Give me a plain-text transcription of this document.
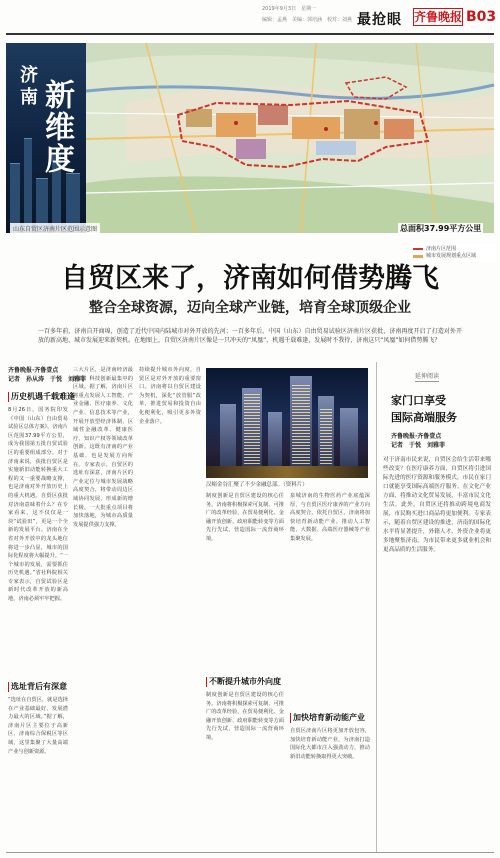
2019年9月3日　星期一
编辑：孟燕　美编：郭培涵　校对：刘燕 最抢眼 齐鲁晚报 B03
济南 新维度
济南片区范围
城市发展规划重点区域
山东自贸区济南片区范围示意图	总面积37.99平方公里
自贸区来了，济南如何借势腾飞
整合全球资源，迈向全球产业链，培育全球顶级企业
一百多年前，济南自开商埠，创造了近代中国内陆城市对外开放的先河；一百多年后，中国（山东）自由贸易试验区济南片区获批，济南再度开启了打造对外开放的新高地、城市发展迎来新契机。在地图上，自贸区济南片区像是一只冲天的“凤凰”，机遇千载难逢，发展时不我待，济南这只“凤凰”如何借势腾飞？
齐鲁晚报·齐鲁壹点
记者　孙从涛　于悦　刘雅菲
历史机遇千载难逢
8月26日，国务院印发《中国（山东）自由贸易试验区总体方案》，济南片区范围37.99平方公里，成为我国第五批自贸试验区的重要组成部分。对于济南来说，获批自贸区是实施新旧动能转换重大工程的又一重要战略支撑，也是济南对外开放历史上的重大机遇。自贸区获批对济南意味着什么？在专家看来，这不仅仅是一块“试验田”，更是一个全新的发展平台。济南在全省对外开放中的龙头地位将进一步凸显，城市的国际化程度将大幅提升。“一个城市的发展，需要抓住历史机遇。”省社科院相关专家表示，自贸试验区是新时代改革开放的新高地，济南必须牢牢把握。
选址背后有深意
“选址在自贸区，就是选择在产业基础最好、发展潜力最大的区域。”据了解，济南片区主要位于高新区、济南综合保税区等区域，这里集聚了大量高端产业与创新资源。
三大片区，是济南经济最活跃、科技创新最集中的区域。据了解，济南片区将重点发展人工智能、产业金融、医疗康养、文化产业、信息技术等产业，开展开放型经济体制、区域性金融改革、健康医疗、知识产权等领域改革创新。这既有济南的产业基础，也是发展方向所在。专家表示，自贸区的选址有深意，济南片区的产业定位与城市发展战略高度契合，将带动周边区域协同发展，形成新的增长极。一大批重点项目将加快落地，为城市高质量发展提供强力支撑。
持续提升城市外向度，自贸区是对外开放的重要窗口。济南将以自贸区建设为契机，深化“放管服”改革，推进贸易和投资自由化便利化，吸引更多外资企业落户。
汉峪金谷汇聚了不少金融总部。（资料片）
制度创新是自贸区建设的核心任务。济南将积极探索可复制、可推广的改革经验，在贸易便利化、金融开放创新、政府职能转变等方面先行先试，营造国际一流营商环境。
不断提升城市外向度
制度创新是自贸区建设的核心任务。济南将积极探索可复制、可推广的改革经验，在贸易便利化、金融开放创新、政府职能转变等方面先行先试，营造国际一流营商环境。
泉城济南的生物医药产业底蕴深厚，与自贸区医疗康养的产业方向高度契合。依托自贸区，济南将加快培育新动能产业，推动人工智能、大数据、高端医疗器械等产业集聚发展。
加快培育新动能产业
自贸区济南片区将更加开放包容，加快培育新动能产业，为济南打造国际化大都市注入强劲动力，推动新旧动能转换取得更大突破。
延伸阅读
家门口享受
国际高端服务
齐鲁晚报·齐鲁壹点
记者　于悦　刘雅菲
对于济南市民来说，自贸区会给生活带来哪些改变？在医疗康养方面，自贸区将引进国际先进的医疗资源和服务模式，市民在家门口就能享受国际高端医疗服务。在文化产业方面，将推动文化贸易发展，丰富市民文化生活。此外，自贸区还将推动跨境电商发展，市民购买进口商品将更加便利。专家表示，随着自贸区建设的推进，济南的国际化水平将显著提升，外籍人才、外资企业将更多地聚集济南，为市民带来更多就业机会和更高品质的生活服务。
